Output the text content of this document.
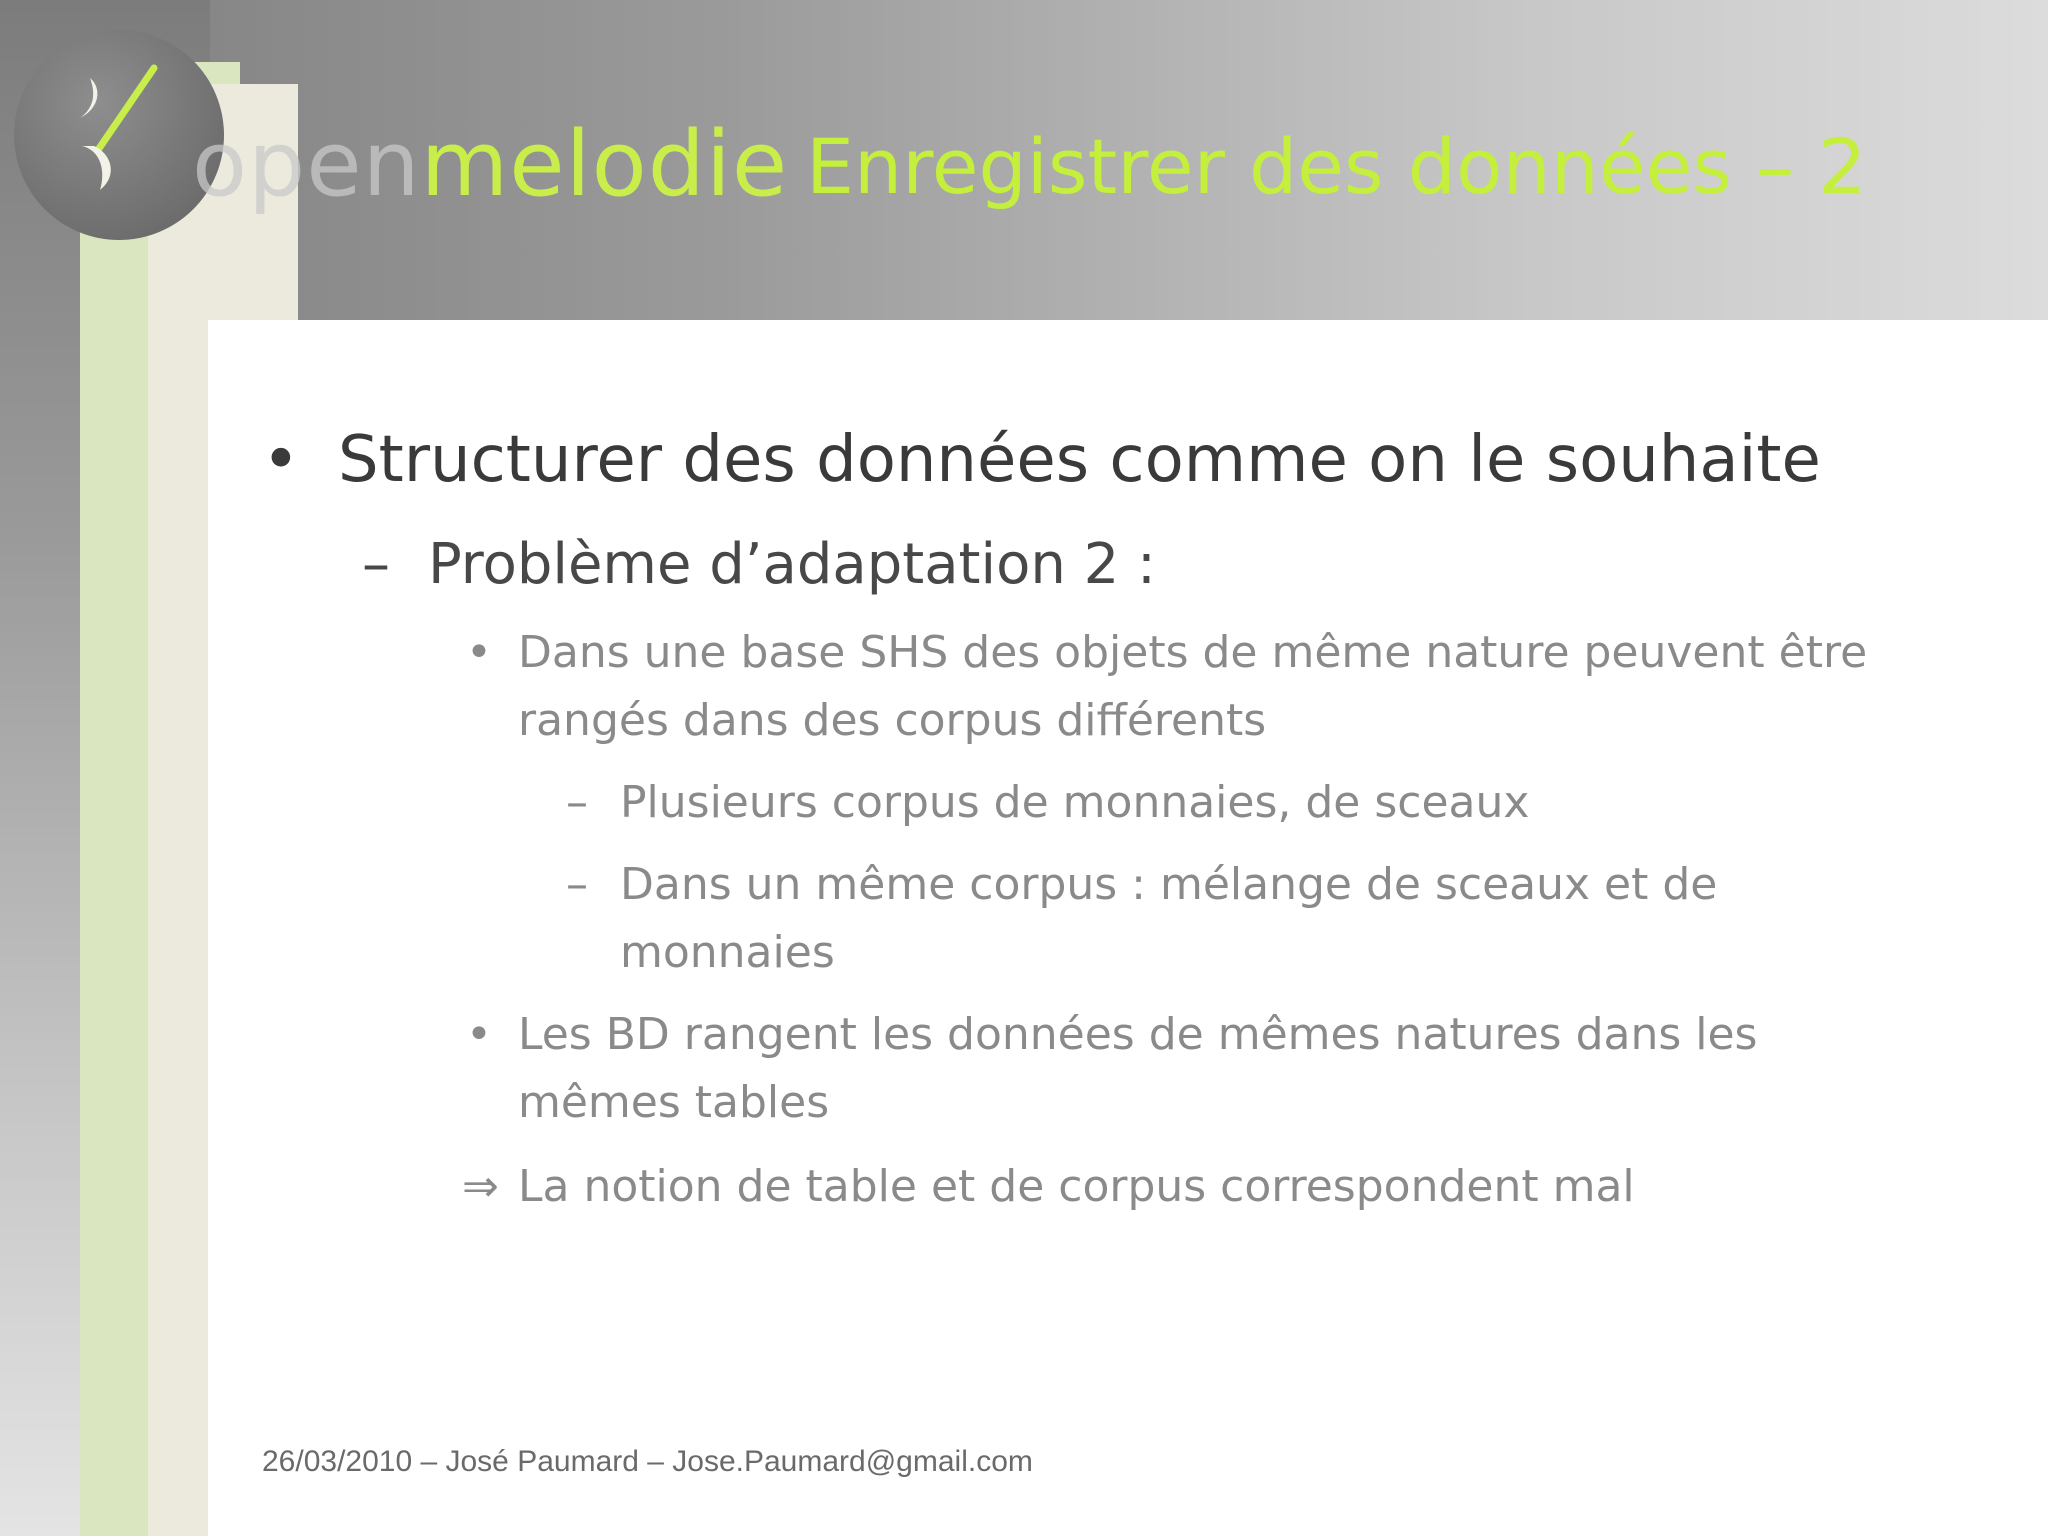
openmelodie Enregistrer des données – 2
• Structurer des données comme on le souhaite
– Problème d’adaptation 2 :
• Dans une base SHS des objets de même nature peuvent être
rangés dans des corpus différents
– Plusieurs corpus de monnaies, de sceaux
– Dans un même corpus : mélange de sceaux et de
monnaies
• Les BD rangent les données de mêmes natures dans les
mêmes tables
⇒ La notion de table et de corpus correspondent mal
26/03/2010 – José Paumard – Jose.Paumard@gmail.com
